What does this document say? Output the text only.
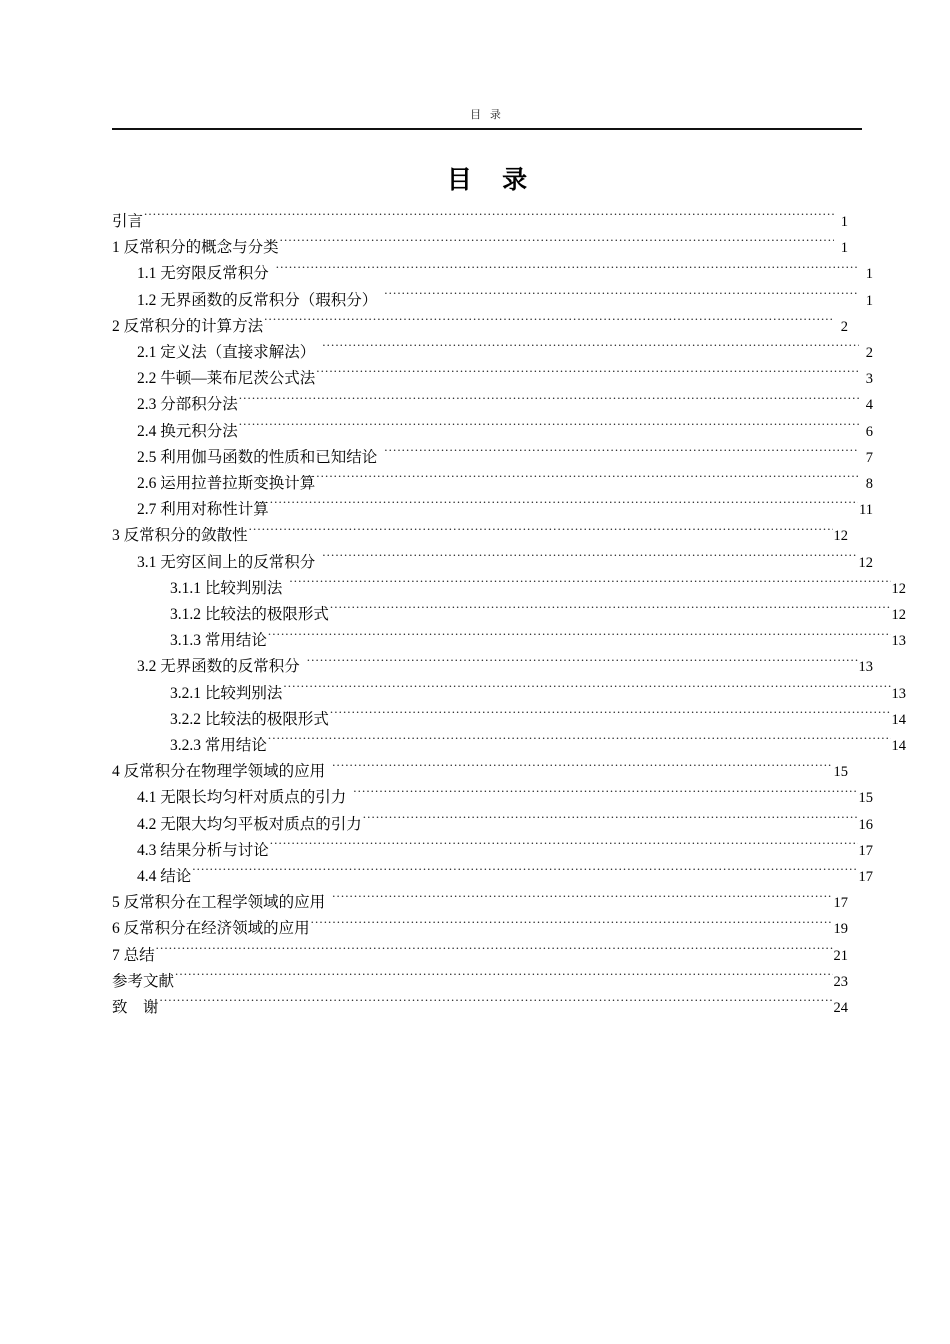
目 录
目 录
引言 .....	1
1 反常积分的概念与分类 .....	1
1.1 无穷限反常积分 .....	1
1.2 无界函数的反常积分（瑕积分） .....	1
2 反常积分的计算方法 .....	2
2.1 定义法（直接求解法） .....	2
2.2 牛顿—莱布尼茨公式法 .....	3
2.3 分部积分法 .....	4
2.4 换元积分法 .....	6
2.5 利用伽马函数的性质和已知结论 .....	7
2.6 运用拉普拉斯变换计算 .....	8
2.7 利用对称性计算 .....	11
3 反常积分的敛散性 .....	12
3.1 无穷区间上的反常积分 .....	12
3.1.1 比较判别法 .....	12
3.1.2 比较法的极限形式 .....	12
3.1.3 常用结论 .....	13
3.2 无界函数的反常积分 .....	13
3.2.1 比较判别法 .....	13
3.2.2 比较法的极限形式 .....	14
3.2.3 常用结论 .....	14
4 反常积分在物理学领域的应用 .....	15
4.1 无限长均匀杆对质点的引力 .....	15
4.2 无限大均匀平板对质点的引力 .....	16
4.3 结果分析与讨论 .....	17
4.4 结论 .....	17
5 反常积分在工程学领域的应用 .....	17
6 反常积分在经济领域的应用 .....	19
7 总结 .....	21
参考文献 .....	23
致　谢 .....	24
